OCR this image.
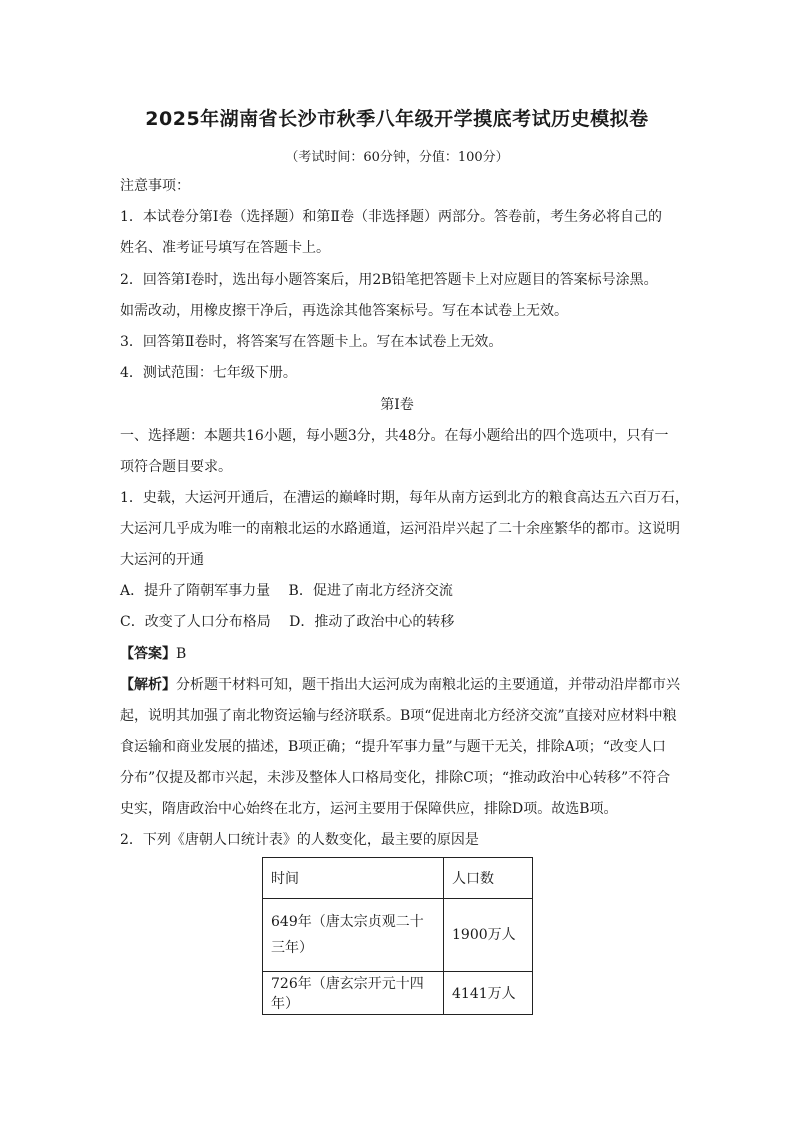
2025年湖南省长沙市秋季八年级开学摸底考试历史模拟卷
（考试时间：60分钟，分值：100分）
注意事项：
1．本试卷分第Ⅰ卷（选择题）和第Ⅱ卷（非选择题）两部分。答卷前，考生务必将自己的
姓名、准考证号填写在答题卡上。
2．回答第Ⅰ卷时，选出每小题答案后，用2B铅笔把答题卡上对应题目的答案标号涂黑。
如需改动，用橡皮擦干净后，再选涂其他答案标号。写在本试卷上无效。
3．回答第Ⅱ卷时，将答案写在答题卡上。写在本试卷上无效。
4．测试范围：七年级下册。
第Ⅰ卷
一、选择题：本题共16小题，每小题3分，共48分。在每小题给出的四个选项中，只有一
项符合题目要求。
1．史载，大运河开通后，在漕运的巅峰时期，每年从南方运到北方的粮食高达五六百万石，
大运河几乎成为唯一的南粮北运的水路通道，运河沿岸兴起了二十余座繁华的都市。这说明
大运河的开通
A．提升了隋朝军事力量　 B．促进了南北方经济交流
C．改变了人口分布格局　 D．推动了政治中心的转移
【答案】B
【解析】分析题干材料可知，题干指出大运河成为南粮北运的主要通道，并带动沿岸都市兴
起，说明其加强了南北物资运输与经济联系。B项“促进南北方经济交流”直接对应材料中粮
食运输和商业发展的描述，B项正确；“提升军事力量”与题干无关，排除A项；“改变人口
分布”仅提及都市兴起，未涉及整体人口格局变化，排除C项；“推动政治中心转移”不符合
史实，隋唐政治中心始终在北方，运河主要用于保障供应，排除D项。故选B项。
2．下列《唐朝人口统计表》的人数变化，最主要的原因是
时间	人口数
649年（唐太宗贞观二十三年）	1900万人
726年（唐玄宗开元十四年）	4141万人
